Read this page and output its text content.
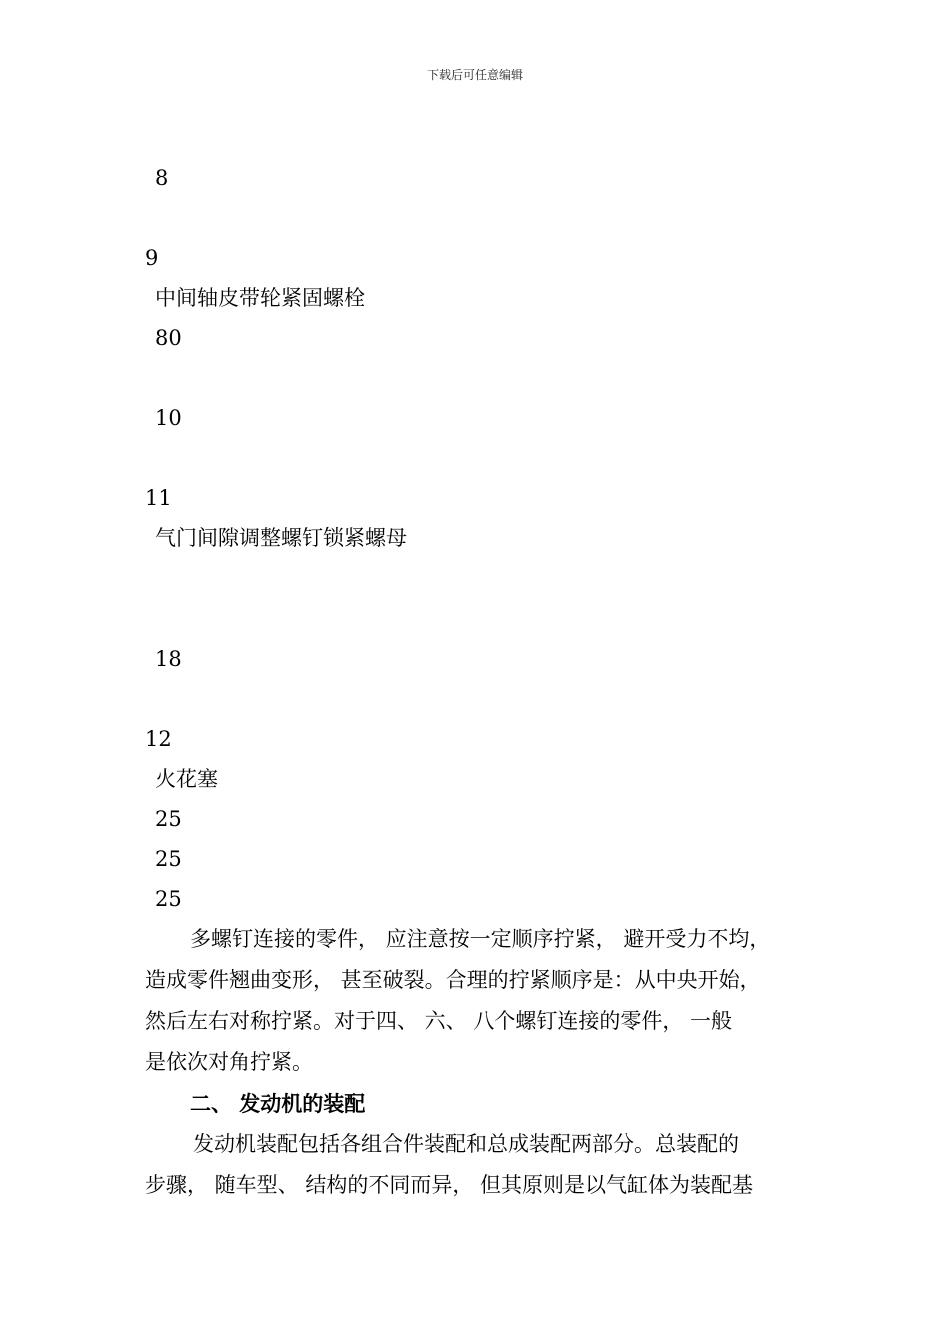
下载后可任意编辑
8
9
中间轴皮带轮紧固螺栓
80
10
11
气门间隙调整螺钉锁紧螺母
18
12
火花塞
25
25
25
多螺钉连接的零件， 应注意按一定顺序拧紧， 避开受力不均，
造成零件翘曲变形， 甚至破裂。合理的拧紧顺序是：从中央开始，
然后左右对称拧紧。对于四、 六、 八个螺钉连接的零件， 一般
是依次对角拧紧。
二、 发动机的装配
发动机装配包括各组合件装配和总成装配两部分。总装配的
步骤， 随车型、 结构的不同而异， 但其原则是以气缸体为装配基
